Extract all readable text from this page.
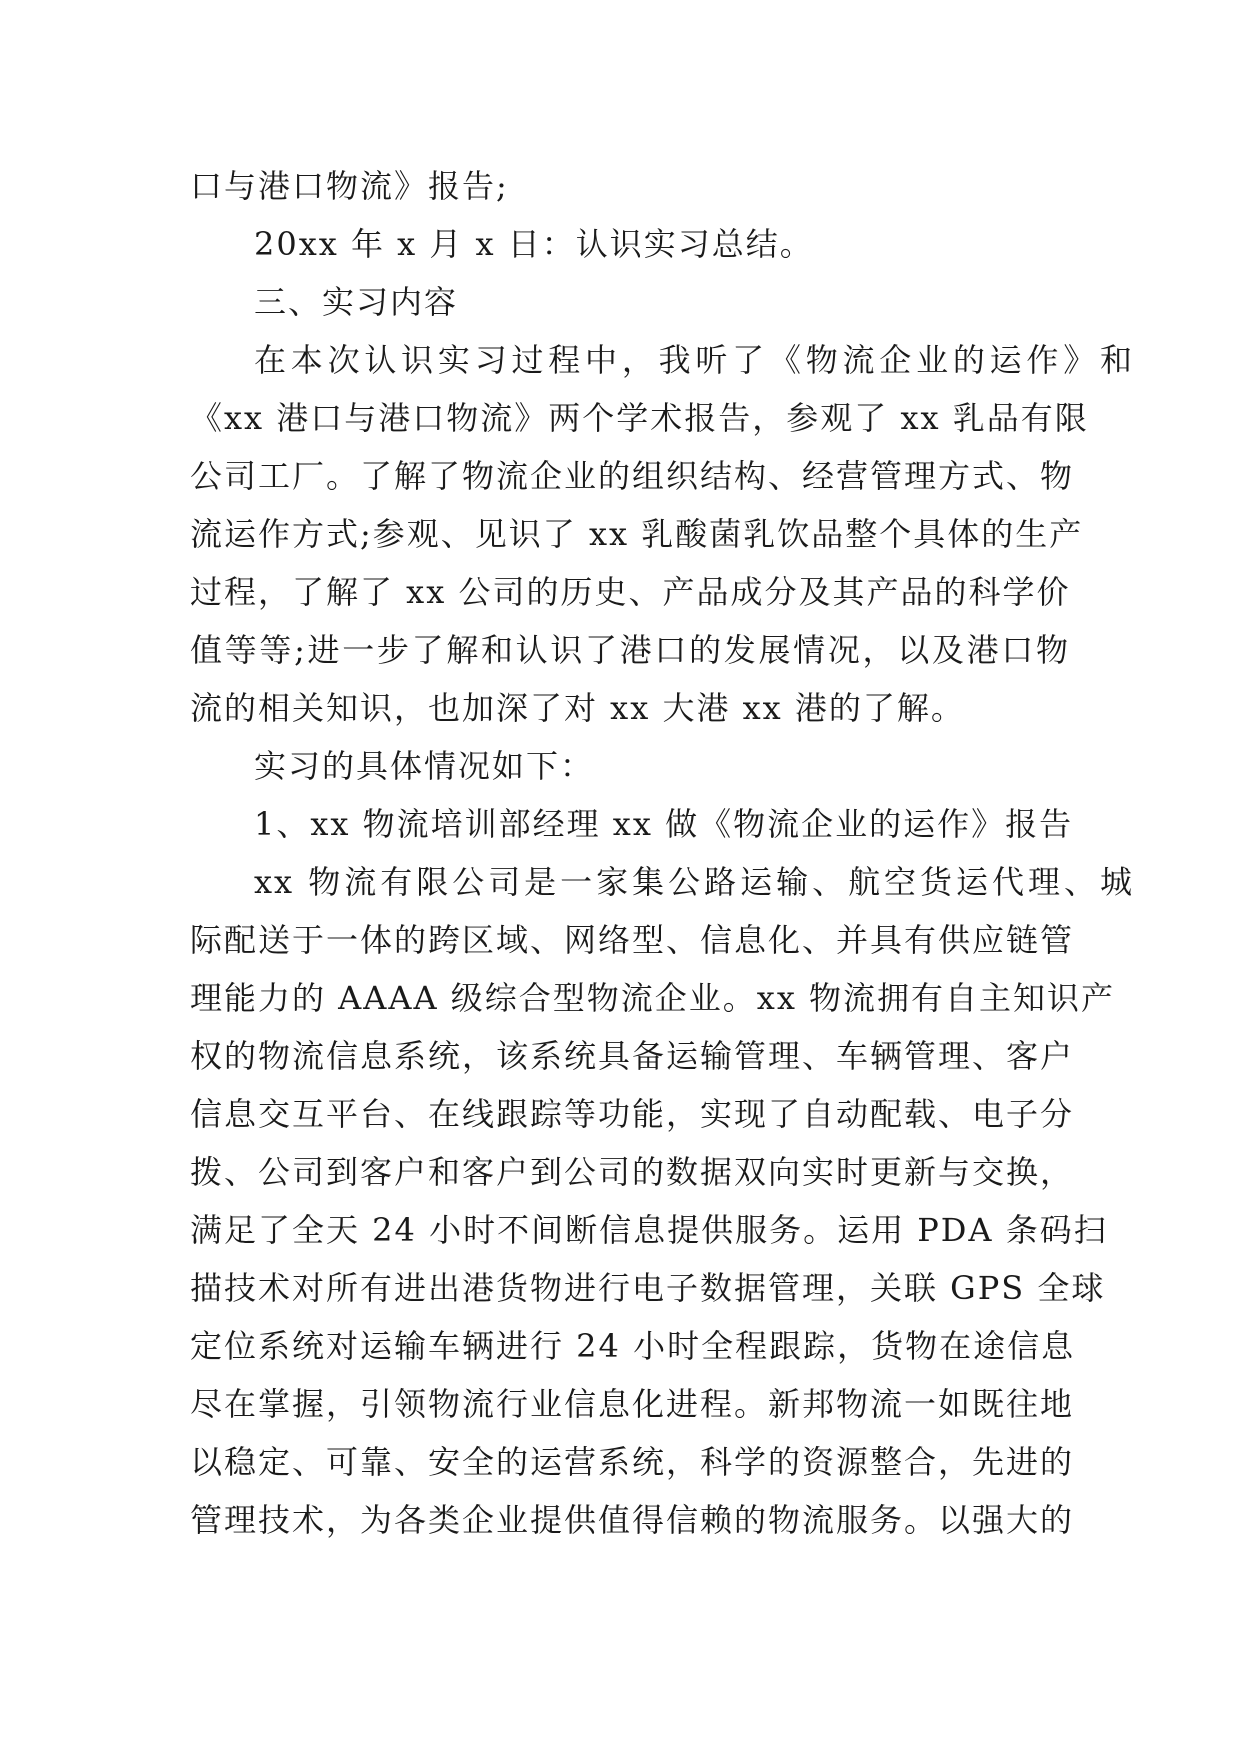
口与港口物流》报告;
20xx 年 x 月 x 日：认识实习总结。
三、实习内容
在本次认识实习过程中，我听了《物流企业的运作》和
《xx 港口与港口物流》两个学术报告，参观了 xx 乳品有限
公司工厂。了解了物流企业的组织结构、经营管理方式、物
流运作方式;参观、见识了 xx 乳酸菌乳饮品整个具体的生产
过程，了解了 xx 公司的历史、产品成分及其产品的科学价
值等等;进一步了解和认识了港口的发展情况，以及港口物
流的相关知识，也加深了对 xx 大港 xx 港的了解。
实习的具体情况如下：
1、xx 物流培训部经理 xx 做《物流企业的运作》报告
xx 物流有限公司是一家集公路运输、航空货运代理、城
际配送于一体的跨区域、网络型、信息化、并具有供应链管
理能力的 AAAA 级综合型物流企业。xx 物流拥有自主知识产
权的物流信息系统，该系统具备运输管理、车辆管理、客户
信息交互平台、在线跟踪等功能，实现了自动配载、电子分
拨、公司到客户和客户到公司的数据双向实时更新与交换，
满足了全天 24 小时不间断信息提供服务。运用 PDA 条码扫
描技术对所有进出港货物进行电子数据管理，关联 GPS 全球
定位系统对运输车辆进行 24 小时全程跟踪，货物在途信息
尽在掌握，引领物流行业信息化进程。新邦物流一如既往地
以稳定、可靠、安全的运营系统，科学的资源整合，先进的
管理技术，为各类企业提供值得信赖的物流服务。以强大的
